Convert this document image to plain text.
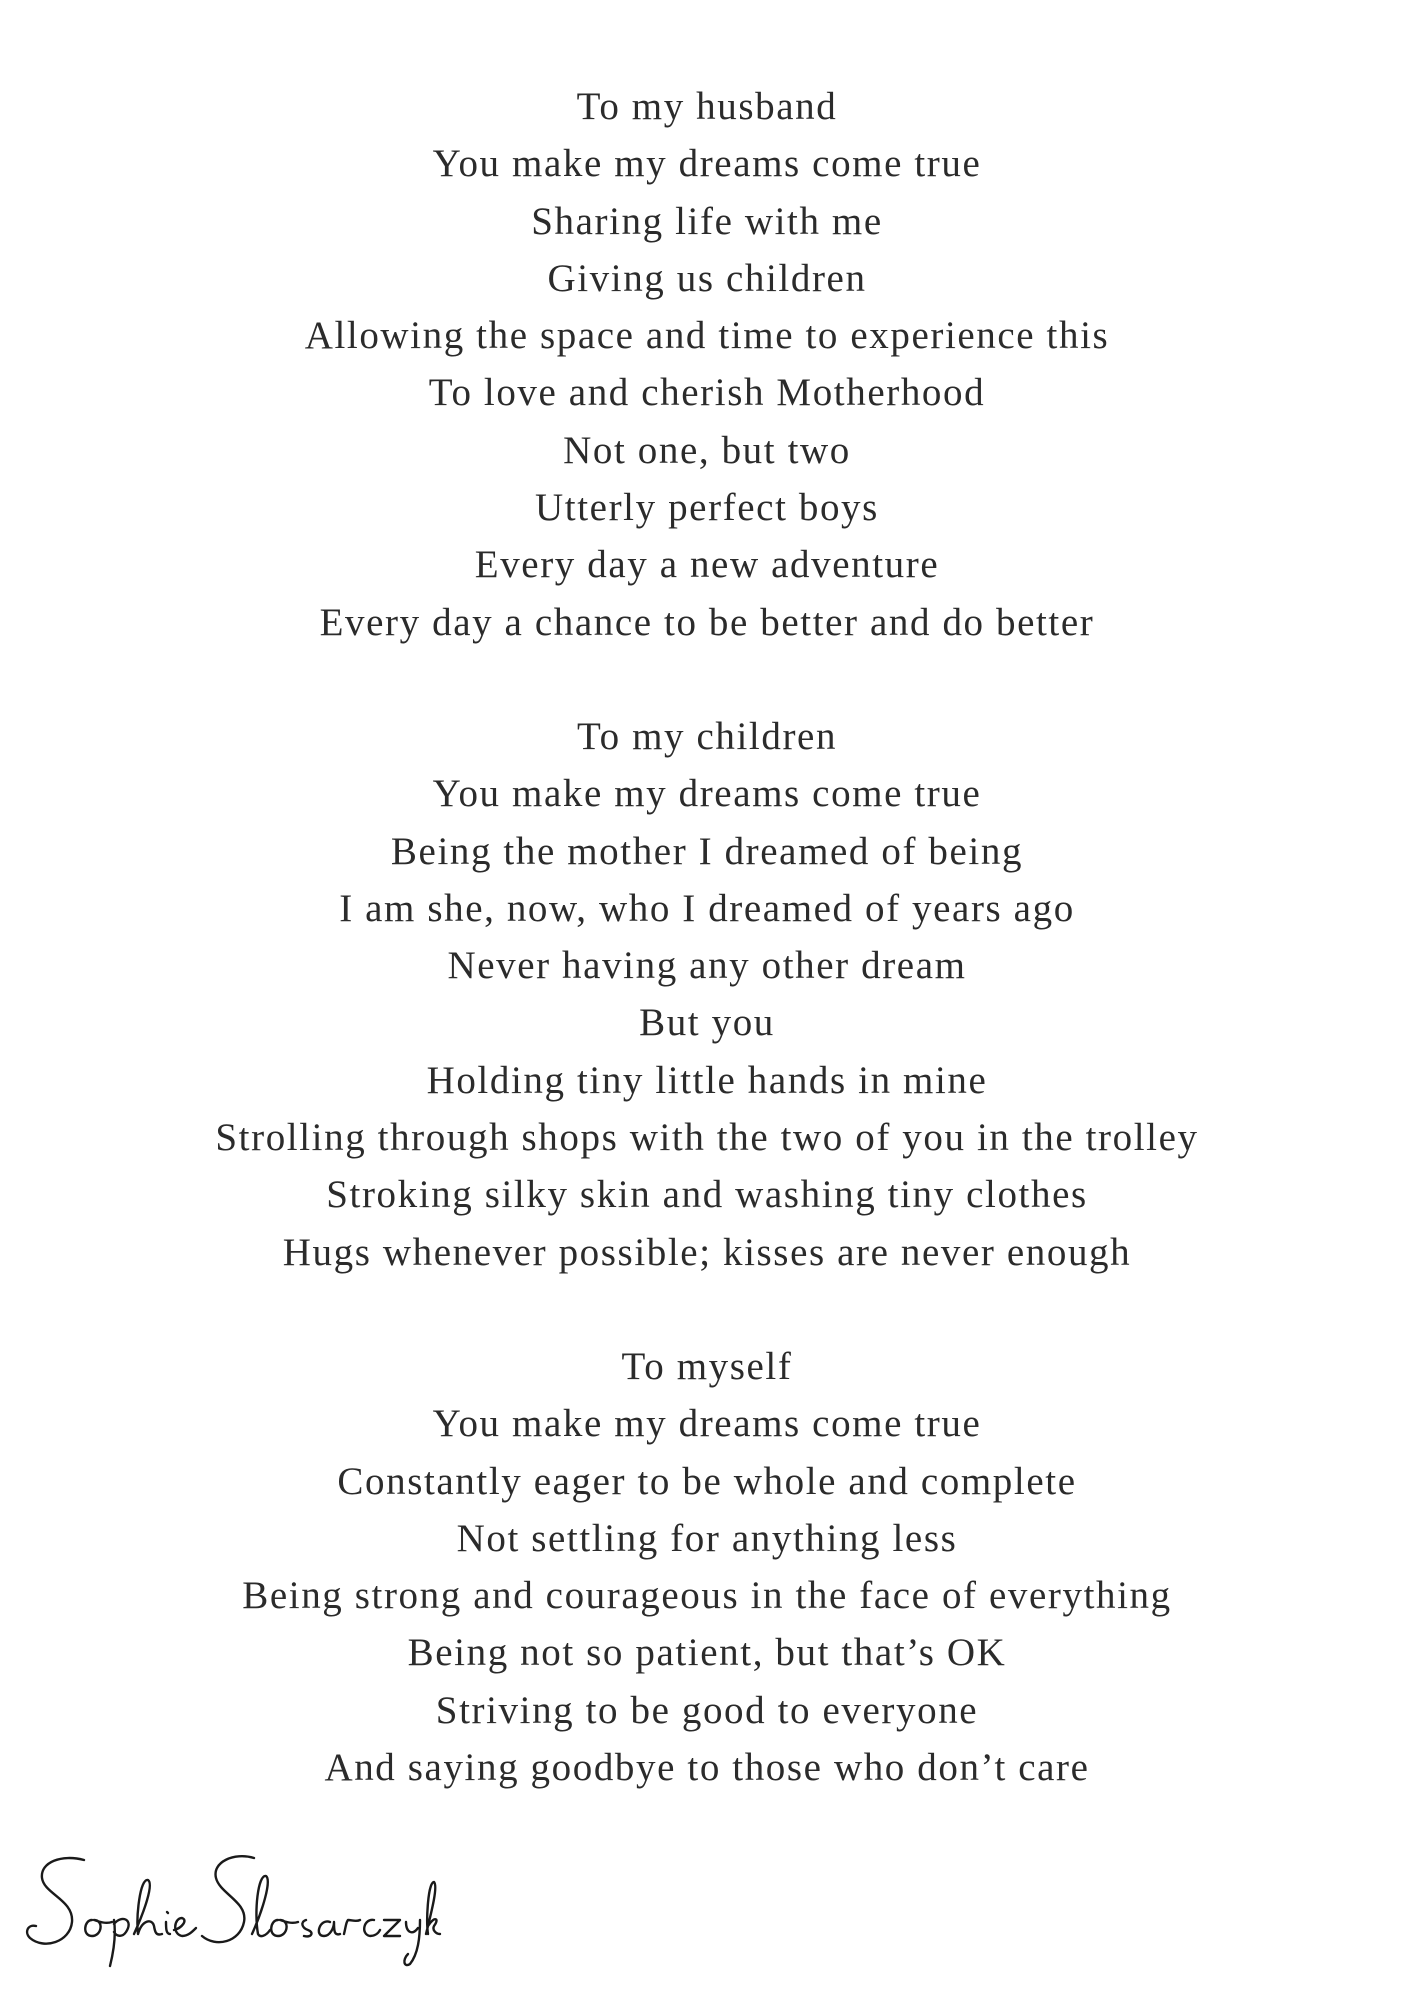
To my husband
You make my dreams come true
Sharing life with me
Giving us children
Allowing the space and time to experience this
To love and cherish Motherhood
Not one, but two
Utterly perfect boys
Every day a new adventure
Every day a chance to be better and do better
To my children
You make my dreams come true
Being the mother I dreamed of being
I am she, now, who I dreamed of years ago
Never having any other dream
But you
Holding tiny little hands in mine
Strolling through shops with the two of you in the trolley
Stroking silky skin and washing tiny clothes
Hugs whenever possible; kisses are never enough
To myself
You make my dreams come true
Constantly eager to be whole and complete
Not settling for anything less
Being strong and courageous in the face of everything
Being not so patient, but that’s OK
Striving to be good to everyone
And saying goodbye to those who don’t care
